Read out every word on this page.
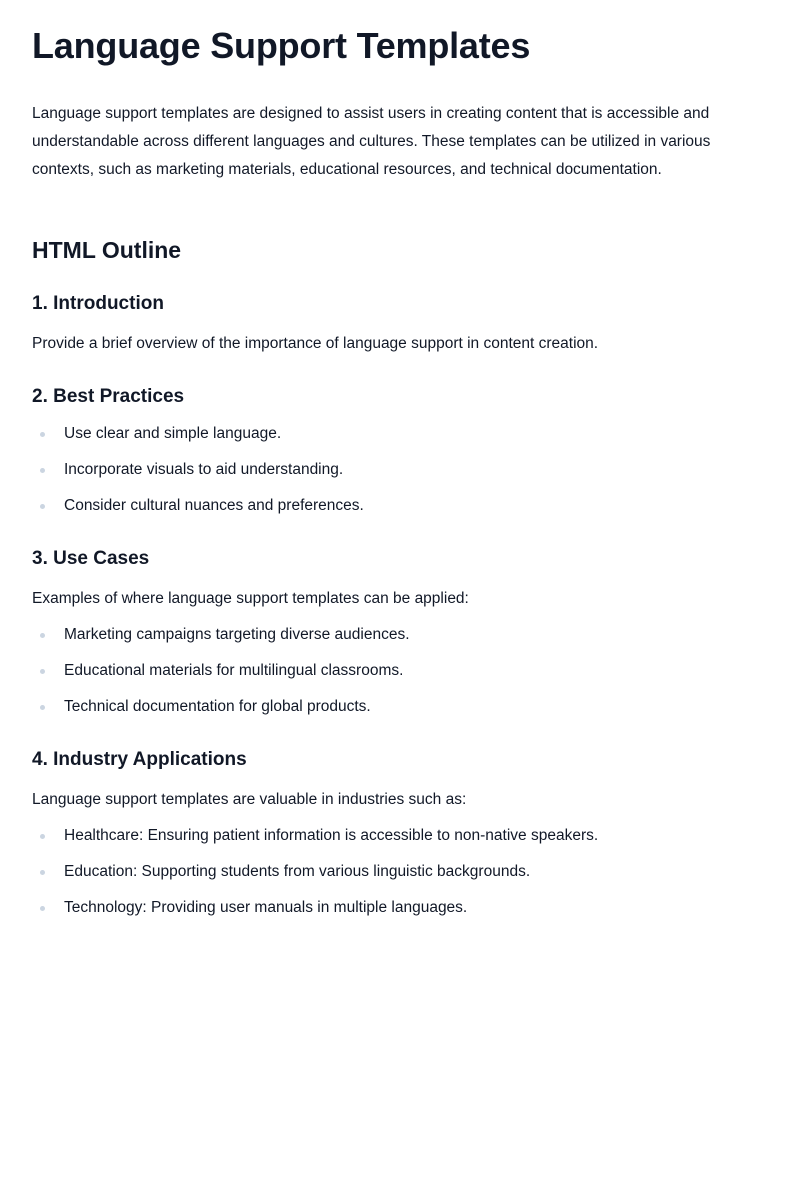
Language Support Templates

Language support templates are designed to assist users in creating content that is accessible and understandable across different languages and cultures. These templates can be utilized in various contexts, such as marketing materials, educational resources, and technical documentation.

HTML Outline
1. Introduction

Provide a brief overview of the importance of language support in content creation.

2. Best Practices
Use clear and simple language.
Incorporate visuals to aid understanding.
Consider cultural nuances and preferences.
3. Use Cases

Examples of where language support templates can be applied:

Marketing campaigns targeting diverse audiences.
Educational materials for multilingual classrooms.
Technical documentation for global products.
4. Industry Applications

Language support templates are valuable in industries such as:

Healthcare: Ensuring patient information is accessible to non-native speakers.
Education: Supporting students from various linguistic backgrounds.
Technology: Providing user manuals in multiple languages.
